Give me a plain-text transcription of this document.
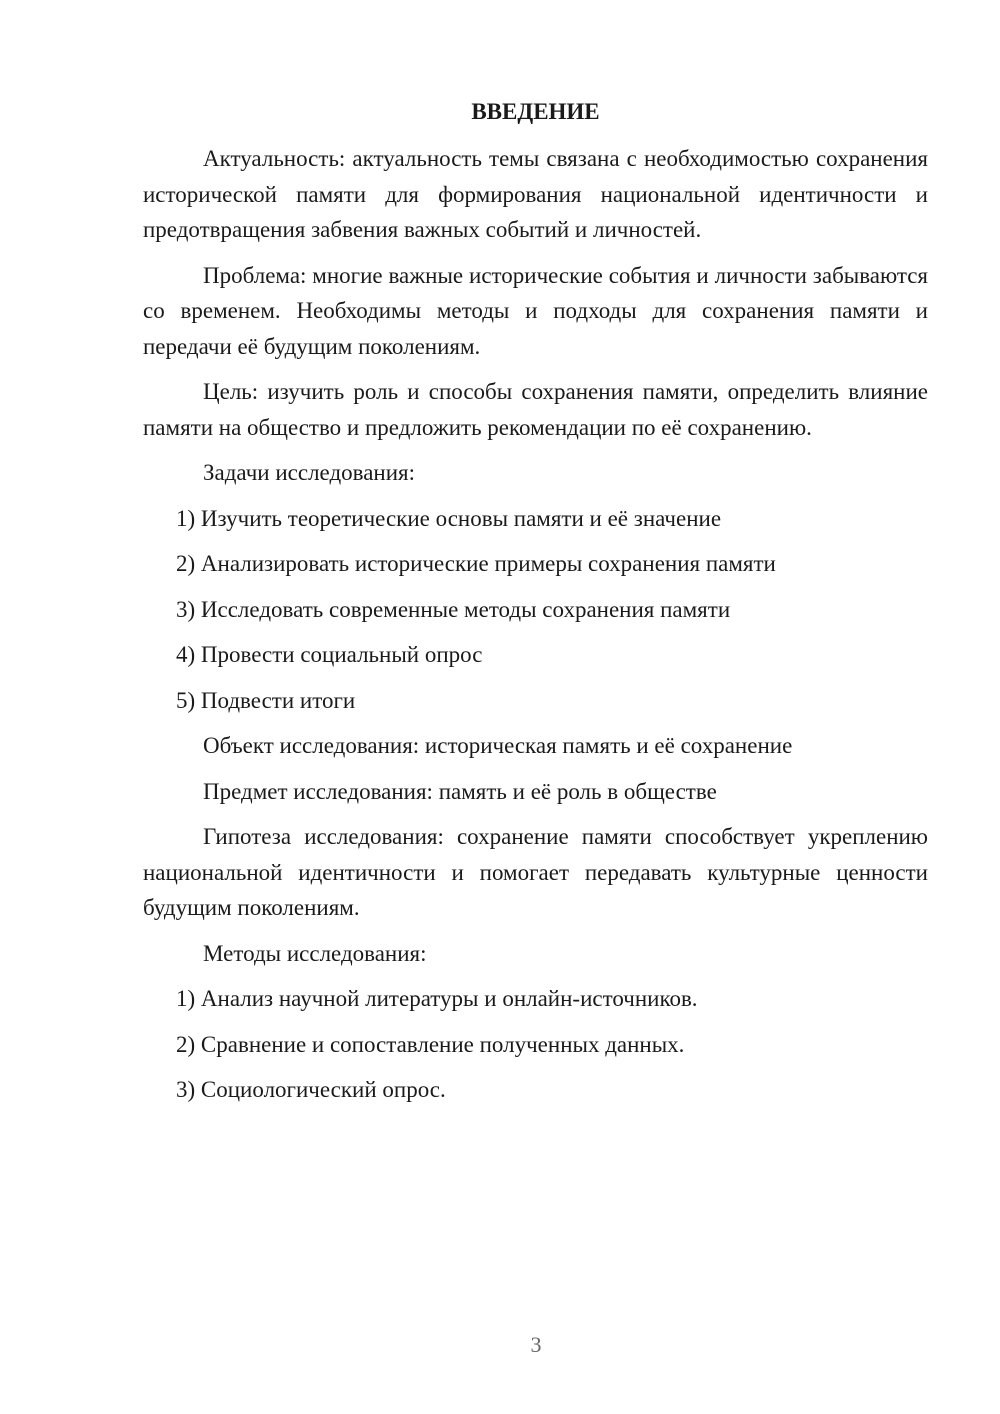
ВВЕДЕНИЕ
Актуальность: актуальность темы связана с необходимостью сохранения исторической памяти для формирования национальной идентичности и предотвращения забвения важных событий и личностей.
Проблема: многие важные исторические события и личности забываются со временем. Необходимы методы и подходы для сохранения памяти и передачи её будущим поколениям.
Цель: изучить роль и способы сохранения памяти, определить влияние памяти на общество и предложить рекомендации по её сохранению.
Задачи исследования:
1) Изучить теоретические основы памяти и её значение
2) Анализировать исторические примеры сохранения памяти
3) Исследовать современные методы сохранения памяти
4) Провести социальный опрос
5) Подвести итоги
Объект исследования: историческая память и её сохранение
Предмет исследования: память и её роль в обществе
Гипотеза исследования: сохранение памяти способствует укреплению национальной идентичности и помогает передавать культурные ценности будущим поколениям.
Методы исследования:
1) Анализ научной литературы и онлайн-источников.
2) Сравнение и сопоставление полученных данных.
3) Социологический опрос.
3
